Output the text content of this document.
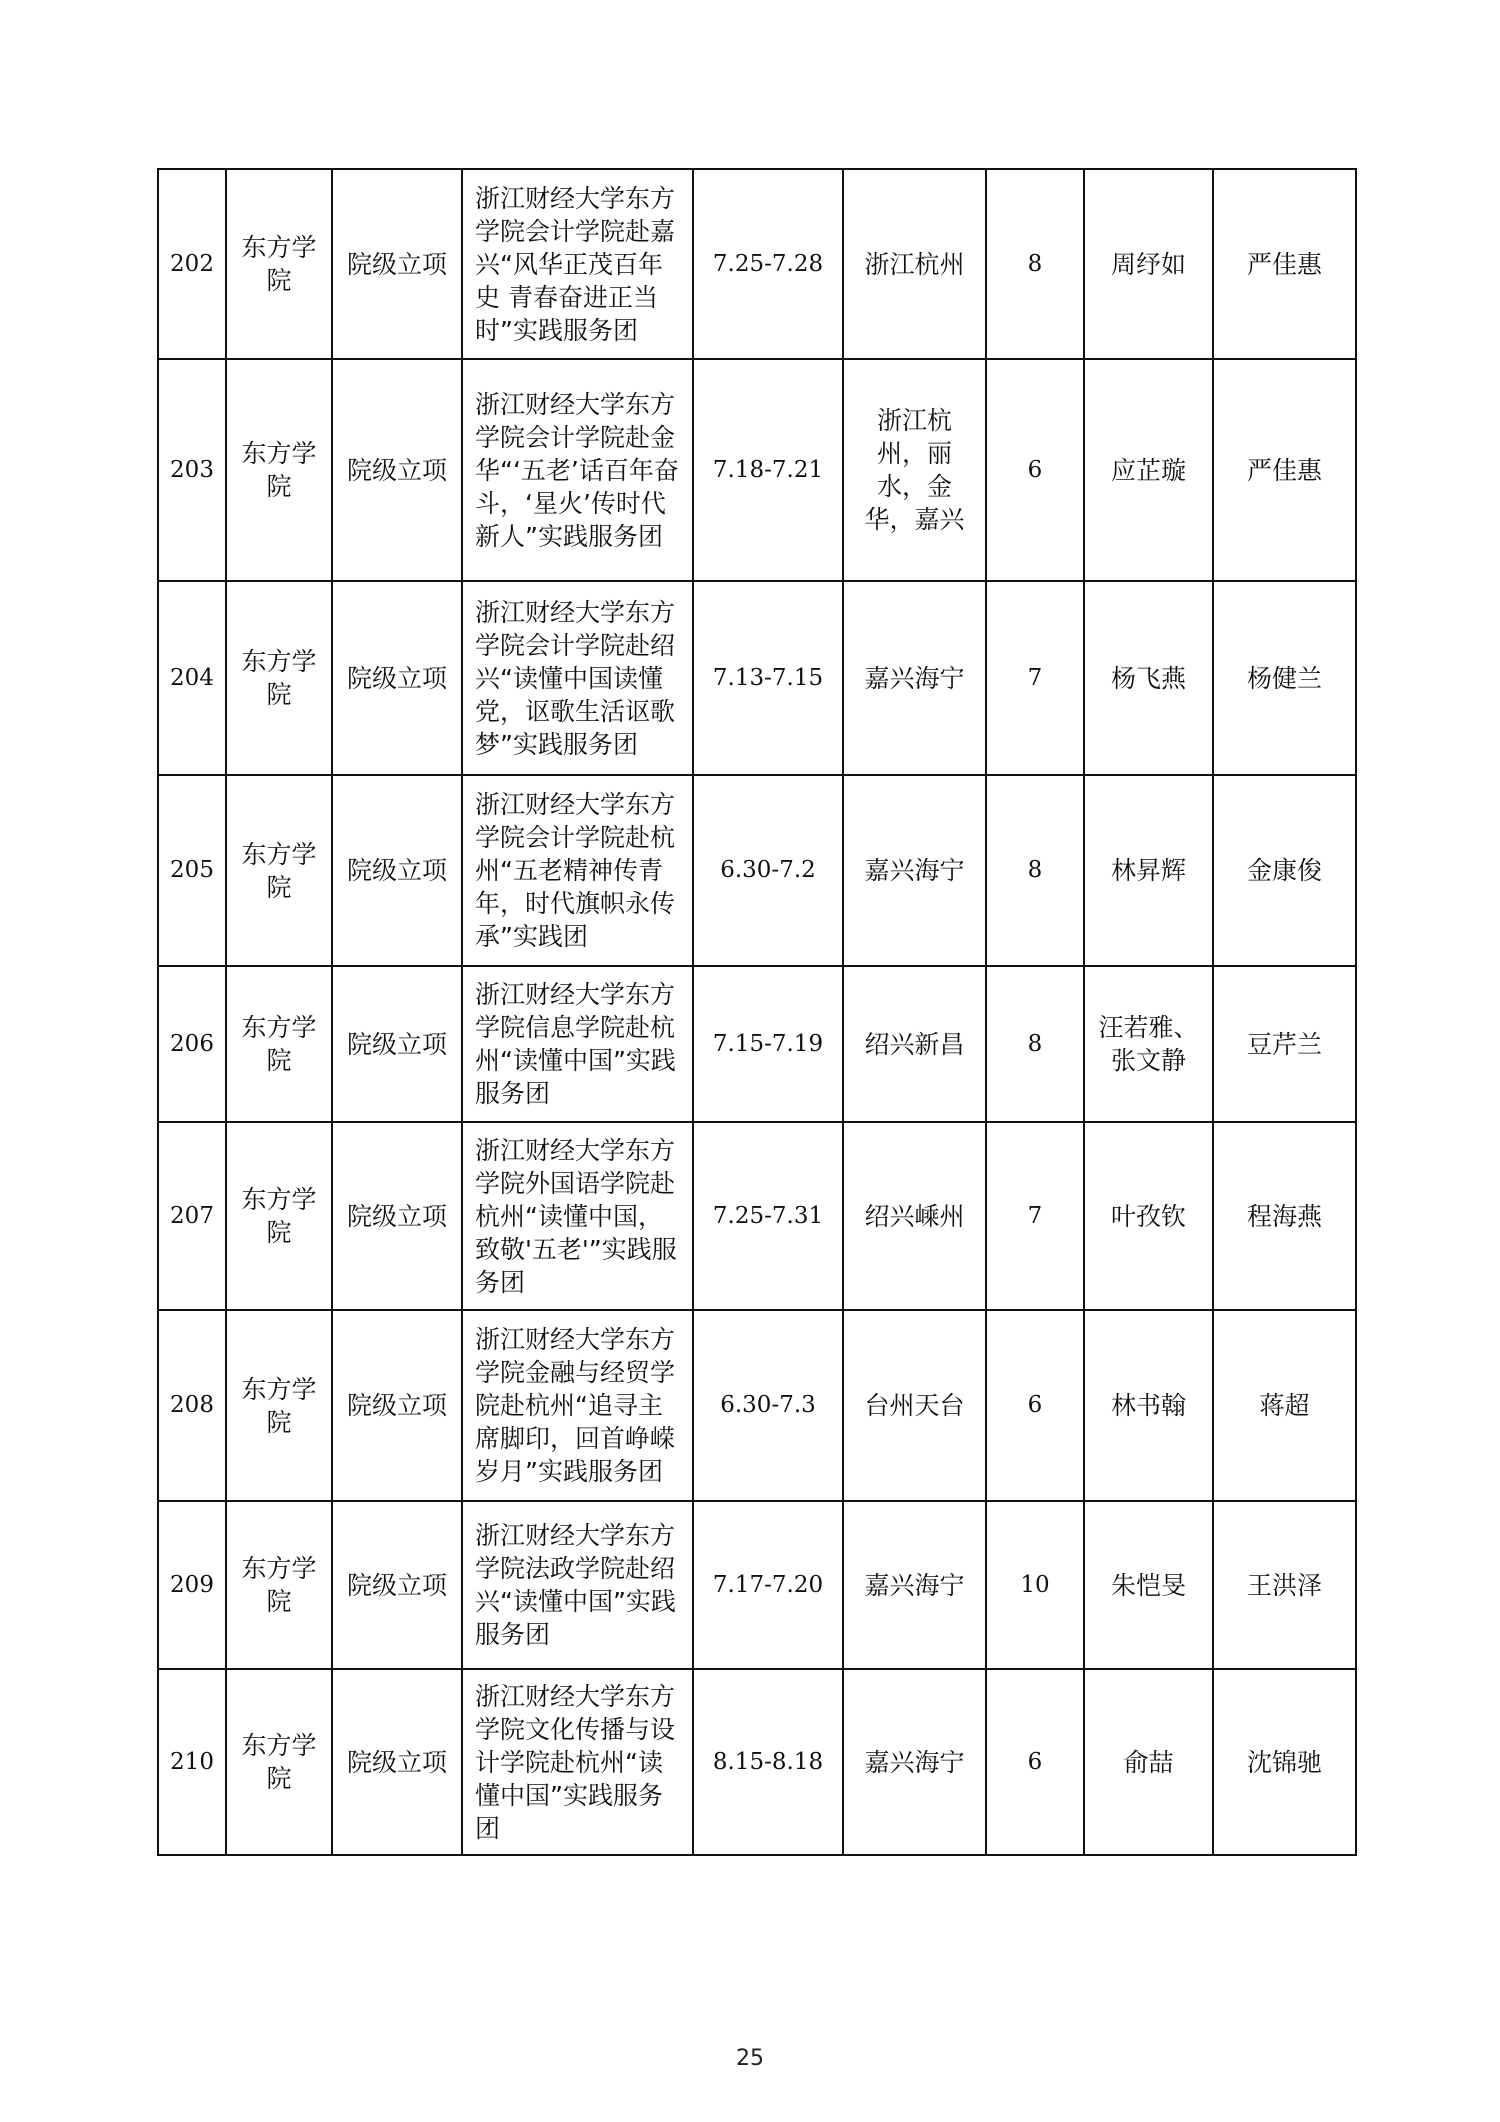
202	东方学院	院级立项	浙江财经大学东方学院会计学院赴嘉兴“风华正茂百年史 青春奋进正当时”实践服务团	7.25-7.28	浙江杭州	8	周纾如	严佳惠
203	东方学院	院级立项	浙江财经大学东方学院会计学院赴金华“‘五老’话百年奋斗，‘星火’传时代新人”实践服务团	7.18-7.21	浙江杭州，丽水，金华，嘉兴	6	应芷璇	严佳惠
204	东方学院	院级立项	浙江财经大学东方学院会计学院赴绍兴“读懂中国读懂党，讴歌生活讴歌梦”实践服务团	7.13-7.15	嘉兴海宁	7	杨飞燕	杨健兰
205	东方学院	院级立项	浙江财经大学东方学院会计学院赴杭州“五老精神传青年，时代旗帜永传承”实践团	6.30-7.2	嘉兴海宁	8	林昇辉	金康俊
206	东方学院	院级立项	浙江财经大学东方学院信息学院赴杭州“读懂中国”实践服务团	7.15-7.19	绍兴新昌	8	汪若雅、张文静	豆芹兰
207	东方学院	院级立项	浙江财经大学东方学院外国语学院赴杭州“读懂中国，致敬'五老'”实践服务团	7.25-7.31	绍兴嵊州	7	叶孜钦	程海燕
208	东方学院	院级立项	浙江财经大学东方学院金融与经贸学院赴杭州“追寻主席脚印，回首峥嵘岁月”实践服务团	6.30-7.3	台州天台	6	林书翰	蒋超
209	东方学院	院级立项	浙江财经大学东方学院法政学院赴绍兴“读懂中国”实践服务团	7.17-7.20	嘉兴海宁	10	朱恺旻	王洪泽
210	东方学院	院级立项	浙江财经大学东方学院文化传播与设计学院赴杭州“读懂中国”实践服务团	8.15-8.18	嘉兴海宁	6	俞喆	沈锦驰
25
